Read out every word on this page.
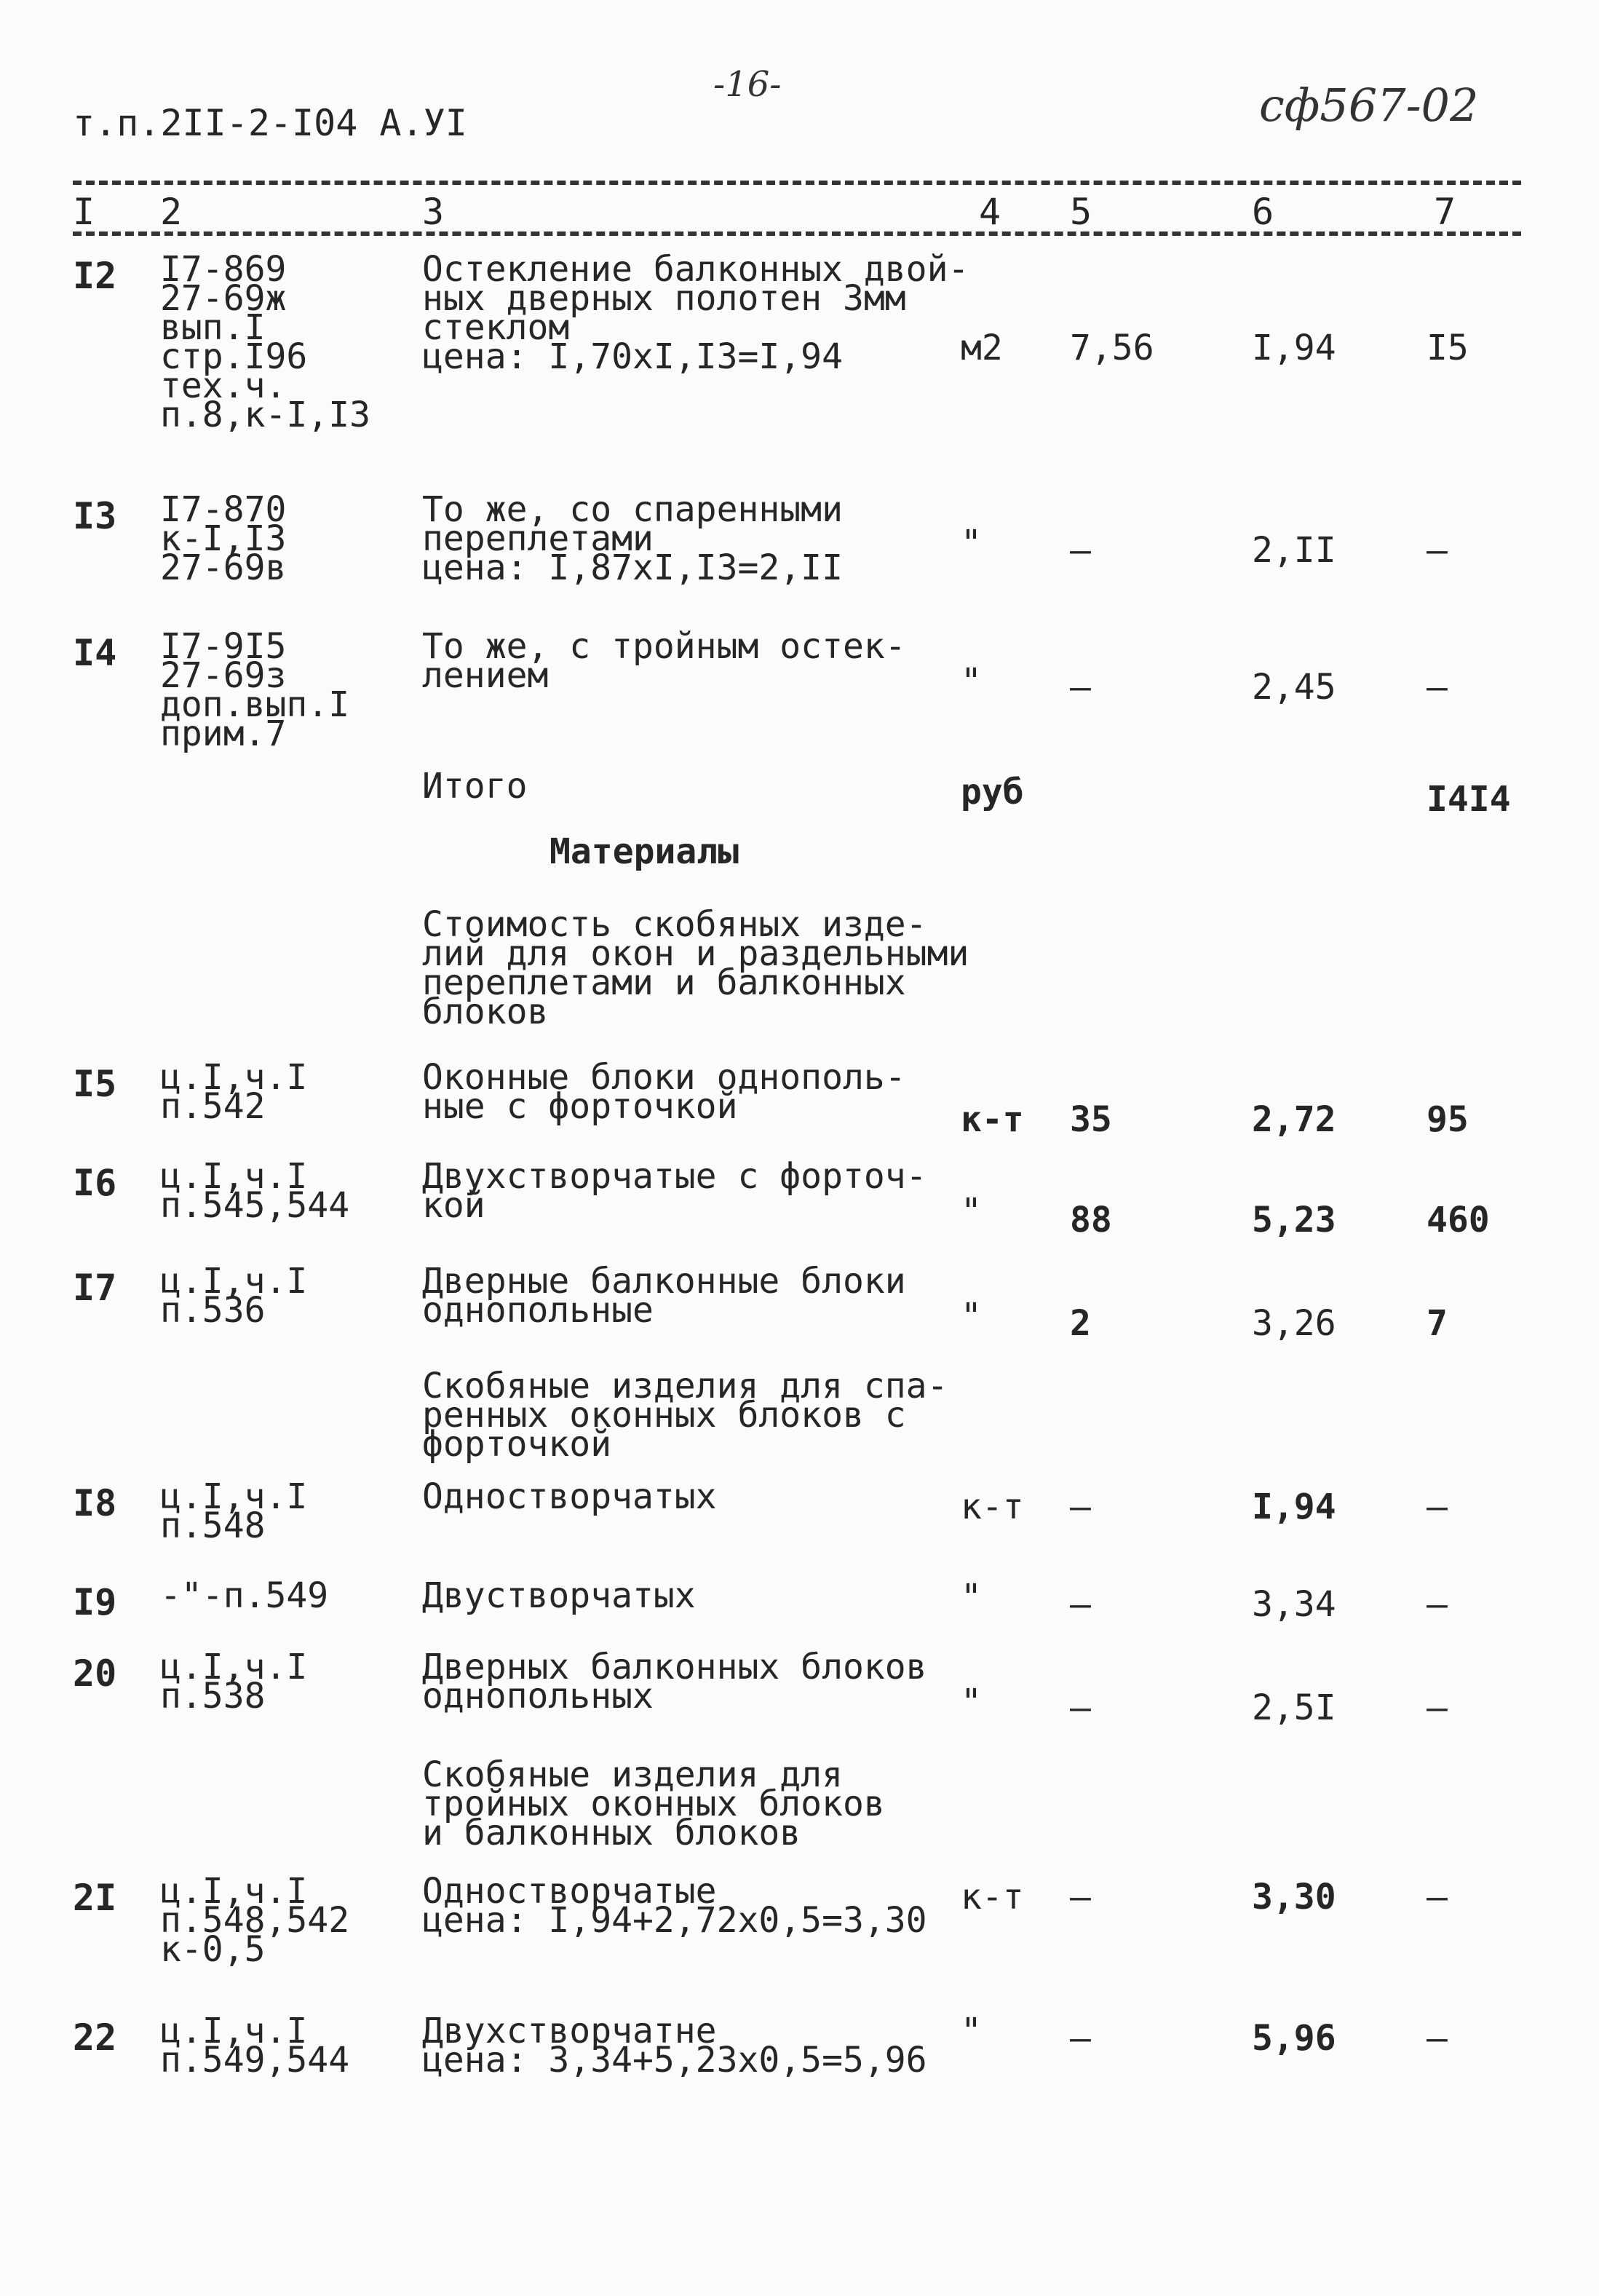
т.п.2II-2-I04 А.УI
-16-	сф567-02
I 2	3	4 5	6	7
I2 I7-869
27-69ж
вып.I
стр.I96
тех.ч.
п.8,к-I,I3
Остекление балконных двой-
ных дверных полотен 3мм
стеклом
цена: I,70хI,I3=I,94	м2 7,56	I,94	I5
I3 I7-870
к-I,I3
27-69в
То же, со спаренными
переплетами
цена: I,87хI,I3=2,II
"	–	2,II	–
I4 I7-9I5
27-69з
доп.вып.I
прим.7
То же, с тройным остек-
лением	"	–	2,45	–
Итого	руб	I4I4
Материалы
Стоимость скобяных изде-
лий для окон и раздельными
переплетами и балконных
блоков
I5 ц.I,ч.I
п.542
Оконные блоки однополь-
ные с форточкой	к-т 35	2,72	95
I6 ц.I,ч.I
п.545,544
Двухстворчатые с форточ-
кой	"	88	5,23	460
I7 ц.I,ч.I
п.536
Дверные балконные блоки
однопольные	"	2	3,26	7
Скобяные изделия для спа-
ренных оконных блоков с
форточкой
I8 ц.I,ч.I
п.548
Одностворчатых	к-т –	I,94	–
I9 -"-п.549	Двустворчатых	"	–	3,34	–
20 ц.I,ч.I
п.538
Дверных балконных блоков
однопольных	"	–	2,5I	–
Скобяные изделия для
тройных оконных блоков
и балконных блоков
2I ц.I,ч.I
п.548,542
к-0,5
Одностворчатые
цена: I,94+2,72х0,5=3,30
к-т –	3,30	–
22 ц.I,ч.I
п.549,544
Двухстворчатне
цена: 3,34+5,23х0,5=5,96
"	–	5,96	–
